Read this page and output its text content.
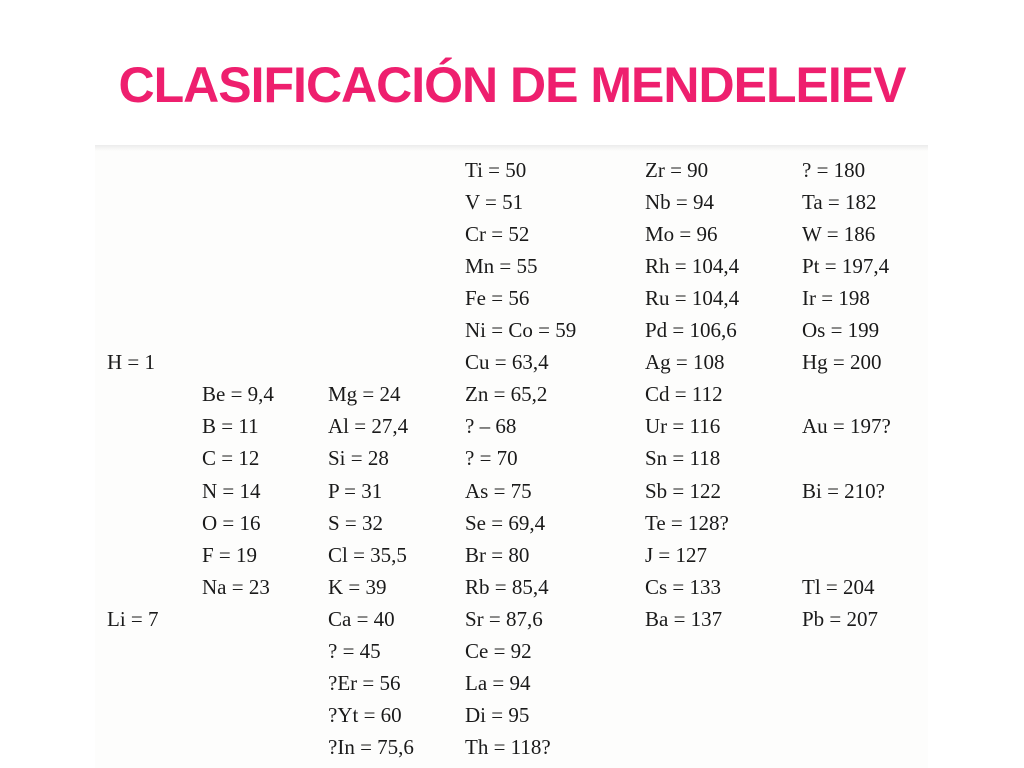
CLASIFICACIÓN DE MENDELEIEV
H = 1
Li = 7
Be = 9,4
B = 11
C = 12
N = 14
O = 16
F = 19
Na = 23
Mg = 24
Al = 27,4
Si = 28
P = 31
S = 32
Cl = 35,5
K = 39
Ca = 40
? = 45
?Er = 56
?Yt = 60
?In = 75,6
Ti = 50
V = 51
Cr = 52
Mn = 55
Fe = 56
Ni = Co = 59
Cu = 63,4
Zn = 65,2
? – 68
? = 70
As = 75
Se = 69,4
Br = 80
Rb = 85,4
Sr = 87,6
Ce = 92
La = 94
Di = 95
Th = 118?
Zr = 90
Nb = 94
Mo = 96
Rh = 104,4
Ru = 104,4
Pd = 106,6
Ag = 108
Cd = 112
Ur = 116
Sn = 118
Sb = 122
Te = 128?
J = 127
Cs = 133
Ba = 137
? = 180
Ta = 182
W = 186
Pt = 197,4
Ir = 198
Os = 199
Hg = 200
Au = 197?
Bi = 210?
Tl = 204
Pb = 207
